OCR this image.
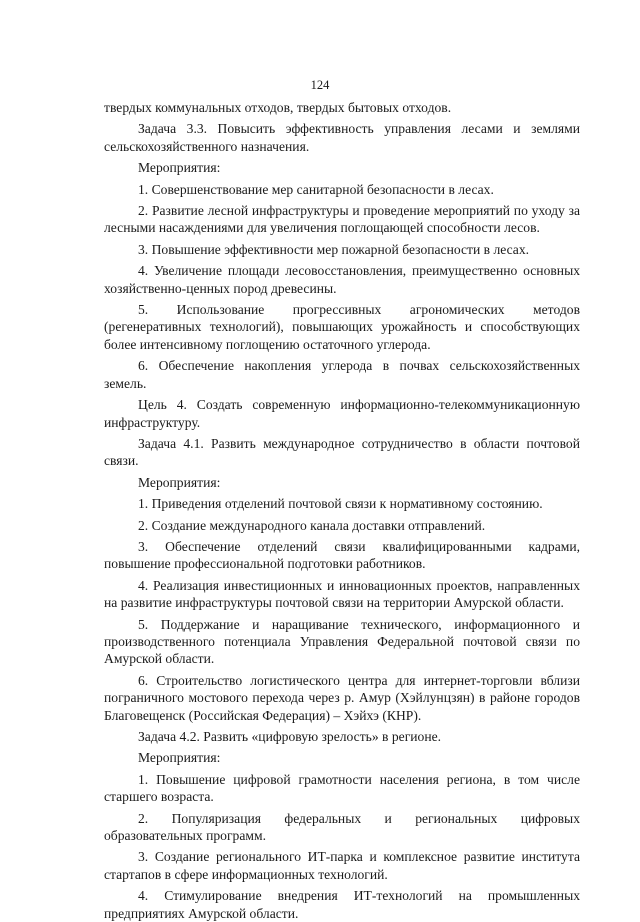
124

твердых коммунальных отходов, твердых бытовых отходов.

Задача 3.3. Повысить эффективность управления лесами и землями сельскохозяйственного назначения.

Мероприятия:

1. Совершенствование мер санитарной безопасности в лесах.

2. Развитие лесной инфраструктуры и проведение мероприятий по уходу за лесными насаждениями для увеличения поглощающей способности лесов.

3. Повышение эффективности мер пожарной безопасности в лесах.

4. Увеличение площади лесовосстановления, преимущественно основных хозяйственно-ценных пород древесины.

5. Использование прогрессивных агрономических методов (регенеративных технологий), повышающих урожайность и способствующих более интенсивному поглощению остаточного углерода.

6. Обеспечение накопления углерода в почвах сельскохозяйственных земель.

Цель 4. Создать современную информационно-телекоммуникационную инфраструктуру.

Задача 4.1. Развить международное сотрудничество в области почтовой связи.

Мероприятия:

1. Приведения отделений почтовой связи к нормативному состоянию.

2. Создание международного канала доставки отправлений.

3. Обеспечение отделений связи квалифицированными кадрами, повышение профессиональной подготовки работников.

4. Реализация инвестиционных и инновационных проектов, направленных на развитие инфраструктуры почтовой связи на территории Амурской области.

5. Поддержание и наращивание технического, информационного и производственного потенциала Управления Федеральной почтовой связи по Амурской области.

6. Строительство логистического центра для интернет-торговли вблизи пограничного мостового перехода через р. Амур (Хэйлунцзян) в районе городов Благовещенск (Российская Федерация) – Хэйхэ (КНР).

Задача 4.2. Развить «цифровую зрелость» в регионе.

Мероприятия:

1. Повышение цифровой грамотности населения региона, в том числе старшего возраста.

2. Популяризация федеральных и региональных цифровых образовательных программ.

3. Создание регионального ИТ-парка и комплексное развитие института стартапов в сфере информационных технологий.

4. Стимулирование внедрения ИТ-технологий на промышленных предприятиях Амурской области.
